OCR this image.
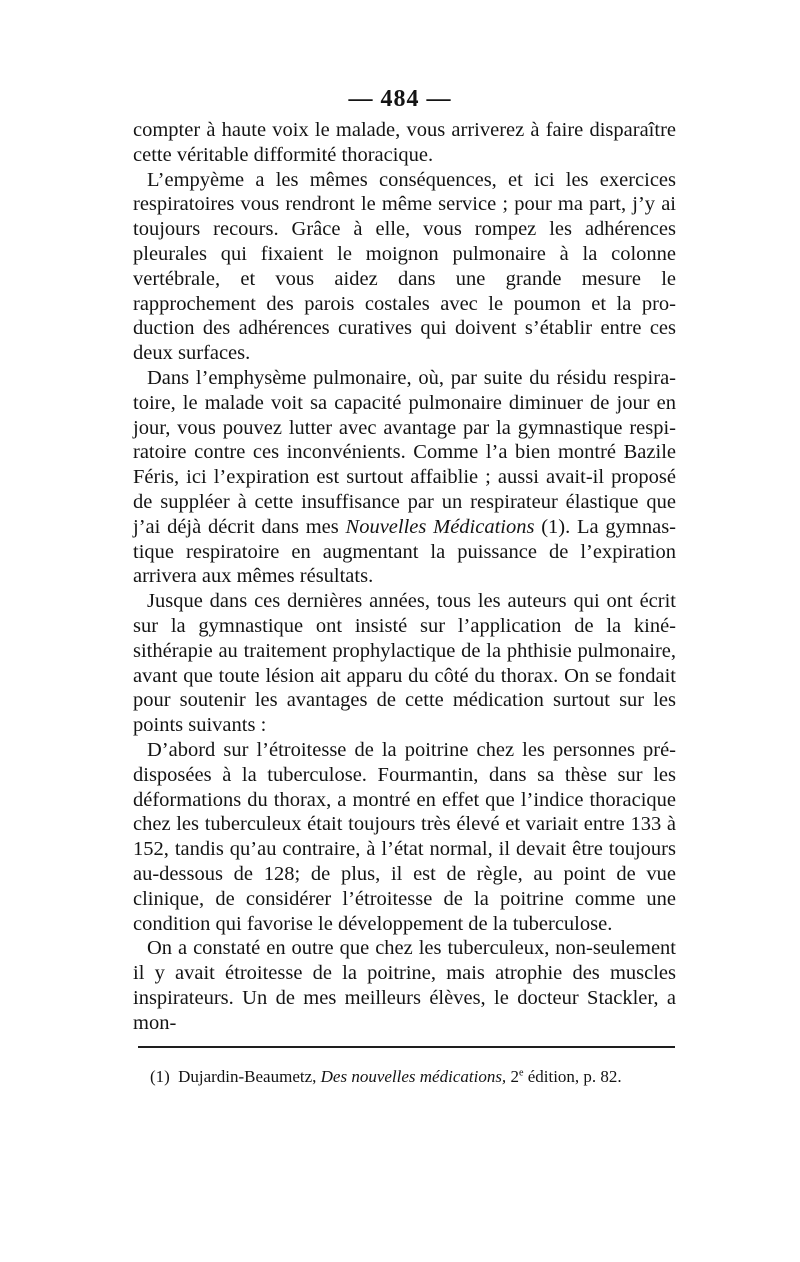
— 484 —

compter à haute voix le malade, vous arriverez à faire disparaître cette véritable difformité thoracique.

L’empyème a les mêmes conséquences, et ici les exercices respiratoires vous rendront le même service ; pour ma part, j’y ai toujours recours. Grâce à elle, vous rompez les adhérences pleurales qui fixaient le moignon pulmonaire à la colonne vertébrale, et vous aidez dans une grande mesure le rapprochement des parois costales avec le poumon et la production des adhérences curatives qui doivent s’établir entre ces deux surfaces.

Dans l’emphysème pulmonaire, où, par suite du résidu respiratoire, le malade voit sa capacité pulmonaire diminuer de jour en jour, vous pouvez lutter avec avantage par la gymnastique respiratoire contre ces inconvénients. Comme l’a bien montré Bazile Féris, ici l’expiration est surtout affaiblie ; aussi avait-il proposé de suppléer à cette insuffisance par un respirateur élastique que j’ai déjà décrit dans mes Nouvelles Médications (1). La gymnastique respiratoire en augmentant la puissance de l’expiration arrivera aux mêmes résultats.

Jusque dans ces dernières années, tous les auteurs qui ont écrit sur la gymnastique ont insisté sur l’application de la kinésithérapie au traitement prophylactique de la phthisie pulmonaire, avant que toute lésion ait apparu du côté du thorax. On se fondait pour soutenir les avantages de cette médication surtout sur les points suivants :

D’abord sur l’étroitesse de la poitrine chez les personnes prédisposées à la tuberculose. Fourmantin, dans sa thèse sur les déformations du thorax, a montré en effet que l’indice thoracique chez les tuberculeux était toujours très élevé et variait entre 133 à 152, tandis qu’au contraire, à l’état normal, il devait être toujours au-dessous de 128; de plus, il est de règle, au point de vue clinique, de considérer l’étroitesse de la poitrine comme une condition qui favorise le développement de la tuberculose.

On a constaté en outre que chez les tuberculeux, non-seulement il y avait étroitesse de la poitrine, mais atrophie des muscles inspirateurs. Un de mes meilleurs élèves, le docteur Stackler, a mon-

(1) Dujardin-Beaumetz, Des nouvelles médications, 2e édition, p. 82.
